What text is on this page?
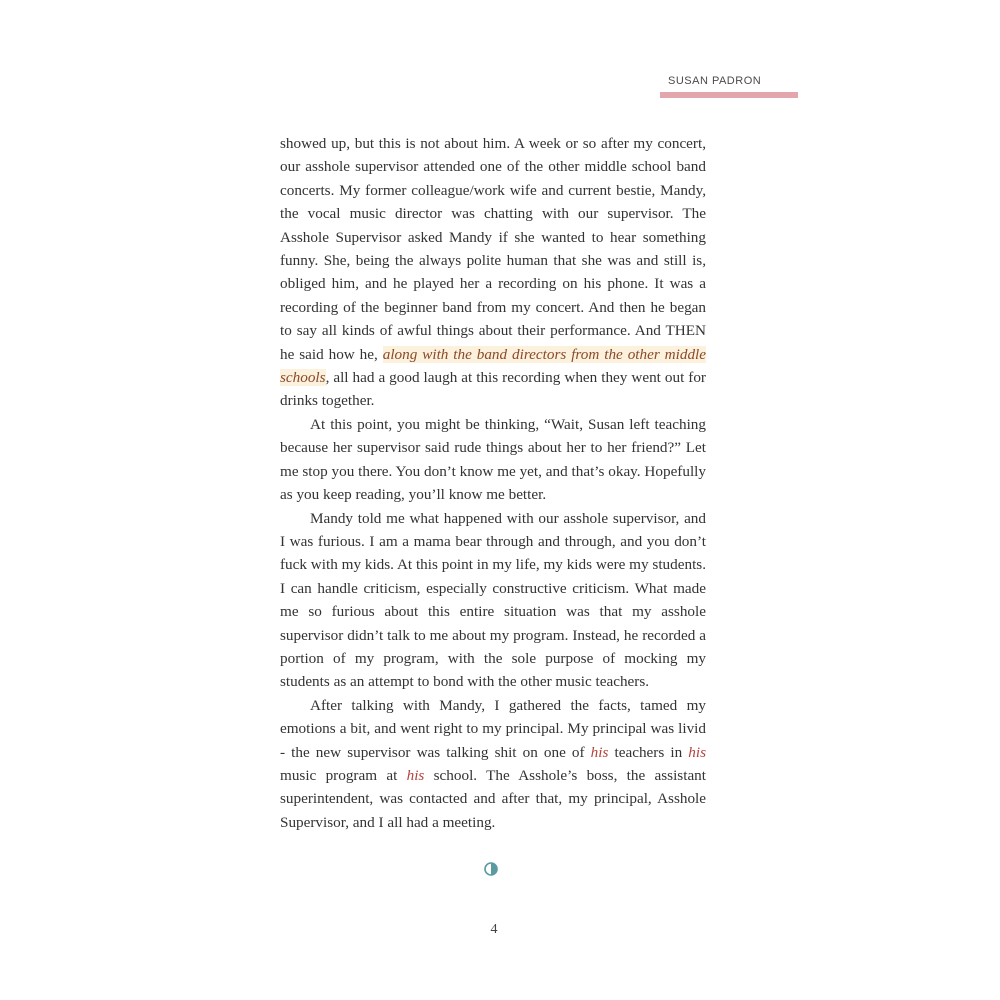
SUSAN PADRON

showed up, but this is not about him. A week or so after my concert, our asshole supervisor attended one of the other middle school band concerts. My former colleague/work wife and current bestie, Mandy, the vocal music director was chatting with our supervisor. The Asshole Supervisor asked Mandy if she wanted to hear something funny. She, being the always polite human that she was and still is, obliged him, and he played her a recording on his phone. It was a recording of the beginner band from my concert. And then he began to say all kinds of awful things about their performance. And THEN he said how he, along with the band directors from the other middle schools, all had a good laugh at this recording when they went out for drinks together.

At this point, you might be thinking, “Wait, Susan left teaching because her supervisor said rude things about her to her friend?” Let me stop you there. You don’t know me yet, and that’s okay. Hopefully as you keep reading, you’ll know me better.

Mandy told me what happened with our asshole supervisor, and I was furious. I am a mama bear through and through, and you don’t fuck with my kids. At this point in my life, my kids were my students. I can handle criticism, especially constructive criticism. What made me so furious about this entire situation was that my asshole supervisor didn’t talk to me about my program. Instead, he recorded a portion of my program, with the sole purpose of mocking my students as an attempt to bond with the other music teachers.

After talking with Mandy, I gathered the facts, tamed my emotions a bit, and went right to my principal. My principal was livid - the new supervisor was talking shit on one of his teachers in his music program at his school. The Asshole’s boss, the assistant superintendent, was contacted and after that, my principal, Asshole Supervisor, and I all had a meeting.

4
